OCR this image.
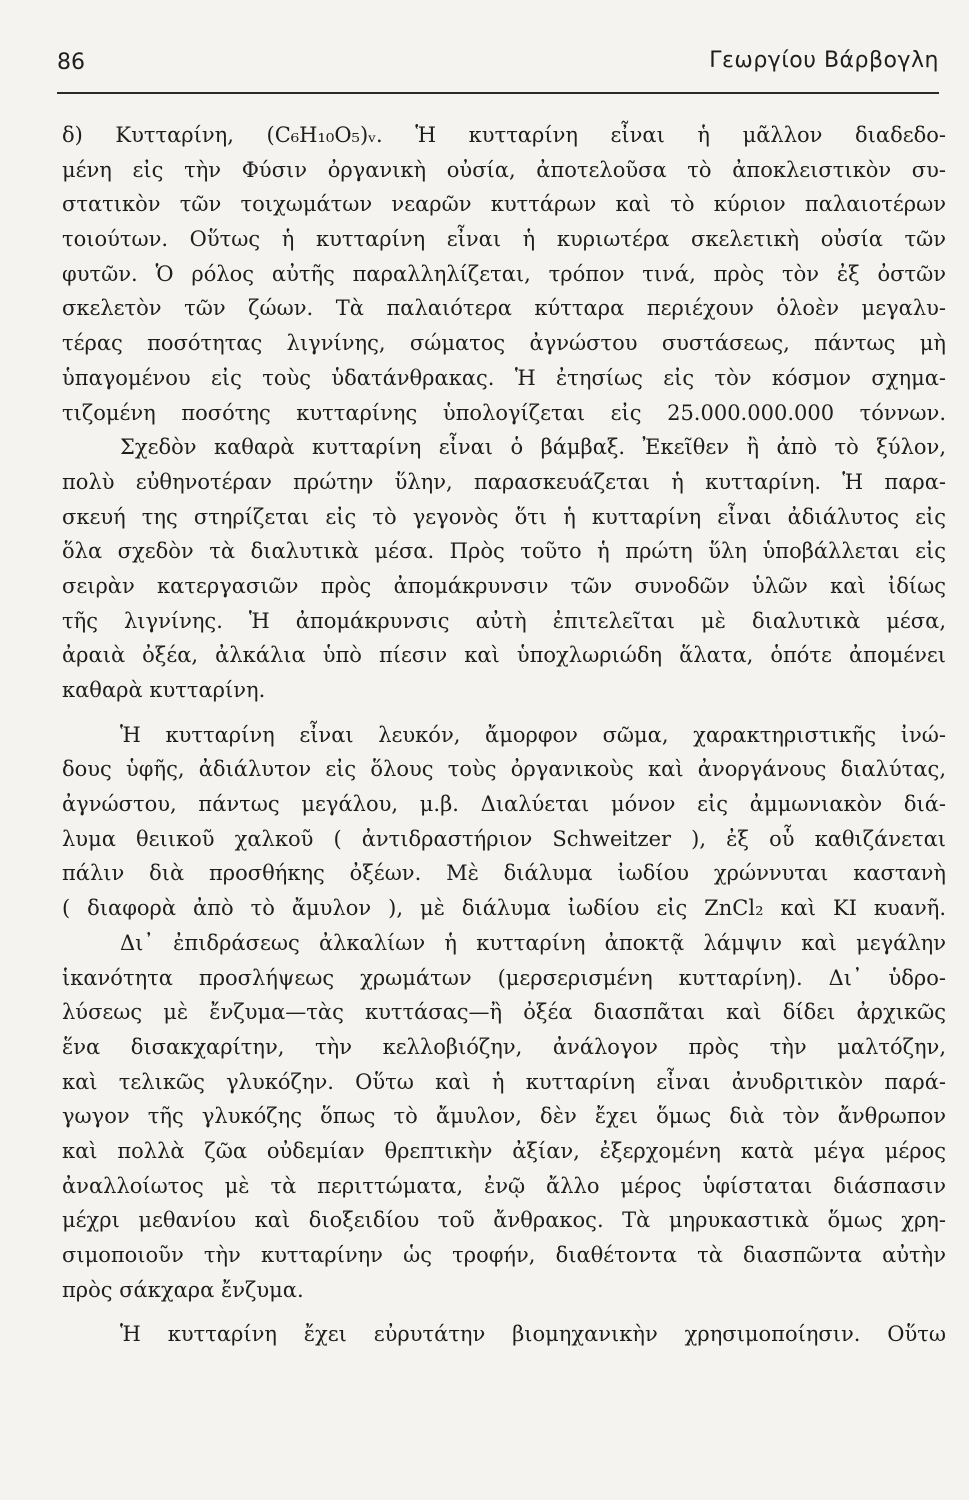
86	Γεωργίου Βάρβογλη
δ) Κυτταρίνη, (C₆H₁₀O₅)ᵥ. Ἡ κυτταρίνη εἶναι ἡ μᾶλλον διαδεδο-
μένη εἰς τὴν Φύσιν ὀργανικὴ οὐσία, ἀποτελοῦσα τὸ ἀποκλειστικὸν συ-
στατικὸν τῶν τοιχωμάτων νεαρῶν κυττάρων καὶ τὸ κύριον παλαιοτέρων
τοιούτων. Οὕτως ἡ κυτταρίνη εἶναι ἡ κυριωτέρα σκελετικὴ οὐσία τῶν
φυτῶν. Ὁ ρόλος αὐτῆς παραλληλίζεται, τρόπον τινά, πρὸς τὸν ἐξ ὀστῶν
σκελετὸν τῶν ζώων. Τὰ παλαιότερα κύτταρα περιέχουν ὁλοὲν μεγαλυ-
τέρας ποσότητας λιγνίνης, σώματος ἀγνώστου συστάσεως, πάντως μὴ
ὑπαγομένου εἰς τοὺς ὑδατάνθρακας. Ἡ ἐτησίως εἰς τὸν κόσμον σχημα-
τιζομένη ποσότης κυτταρίνης ὑπολογίζεται εἰς 25.000.000.000 τόννων.
Σχεδὸν καθαρὰ κυτταρίνη εἶναι ὁ βάμβαξ. Ἐκεῖθεν ἢ ἀπὸ τὸ ξύλον,
πολὺ εὐθηνοτέραν πρώτην ὕλην, παρασκευάζεται ἡ κυτταρίνη. Ἡ παρα-
σκευή της στηρίζεται εἰς τὸ γεγονὸς ὅτι ἡ κυτταρίνη εἶναι ἀδιάλυτος εἰς
ὅλα σχεδὸν τὰ διαλυτικὰ μέσα. Πρὸς τοῦτο ἡ πρώτη ὕλη ὑποβάλλεται εἰς
σειρὰν κατεργασιῶν πρὸς ἀπομάκρυνσιν τῶν συνοδῶν ὑλῶν καὶ ἰδίως
τῆς λιγνίνης. Ἡ ἀπομάκρυνσις αὐτὴ ἐπιτελεῖται μὲ διαλυτικὰ μέσα,
ἀραιὰ ὀξέα, ἀλκάλια ὑπὸ πίεσιν καὶ ὑποχλωριώδη ἅλατα, ὁπότε ἀπομένει
καθαρὰ κυτταρίνη.
Ἡ κυτταρίνη εἶναι λευκόν, ἄμορφον σῶμα, χαρακτηριστικῆς ἰνώ-
δους ὑφῆς, ἀδιάλυτον εἰς ὅλους τοὺς ὀργανικοὺς καὶ ἀνοργάνους διαλύτας,
ἀγνώστου, πάντως μεγάλου, μ.β. Διαλύεται μόνον εἰς ἀμμωνιακὸν διά-
λυμα θειικοῦ χαλκοῦ ( ἀντιδραστήριον Schweitzer ), ἐξ οὗ καθιζάνεται
πάλιν διὰ προσθήκης ὀξέων. Μὲ διάλυμα ἰωδίου χρώννυται καστανὴ
( διαφορὰ ἀπὸ τὸ ἄμυλον ), μὲ διάλυμα ἰωδίου εἰς ZnCl₂ καὶ KI κυανῆ.
Δι᾽ ἐπιδράσεως ἀλκαλίων ἡ κυτταρίνη ἀποκτᾷ λάμψιν καὶ μεγάλην
ἱκανότητα προσλήψεως χρωμάτων (μερσερισμένη κυτταρίνη). Δι᾽ ὑδρο-
λύσεως μὲ ἔνζυμα—τὰς κυττάσας—ἢ ὀξέα διασπᾶται καὶ δίδει ἀρχικῶς
ἕνα δισακχαρίτην, τὴν κελλοβιόζην, ἀνάλογον πρὸς τὴν μαλτόζην,
καὶ τελικῶς γλυκόζην. Οὕτω καὶ ἡ κυτταρίνη εἶναι ἀνυδριτικὸν παρά-
γωγον τῆς γλυκόζης ὅπως τὸ ἄμυλον, δὲν ἔχει ὅμως διὰ τὸν ἄνθρωπον
καὶ πολλὰ ζῶα οὐδεμίαν θρεπτικὴν ἀξίαν, ἐξερχομένη κατὰ μέγα μέρος
ἀναλλοίωτος μὲ τὰ περιττώματα, ἐνῷ ἄλλο μέρος ὑφίσταται διάσπασιν
μέχρι μεθανίου καὶ διοξειδίου τοῦ ἄνθρακος. Τὰ μηρυκαστικὰ ὅμως χρη-
σιμοποιοῦν τὴν κυτταρίνην ὡς τροφήν, διαθέτοντα τὰ διασπῶντα αὐτὴν
πρὸς σάκχαρα ἔνζυμα.
Ἡ κυτταρίνη ἔχει εὐρυτάτην βιομηχανικὴν χρησιμοποίησιν. Οὕτω
